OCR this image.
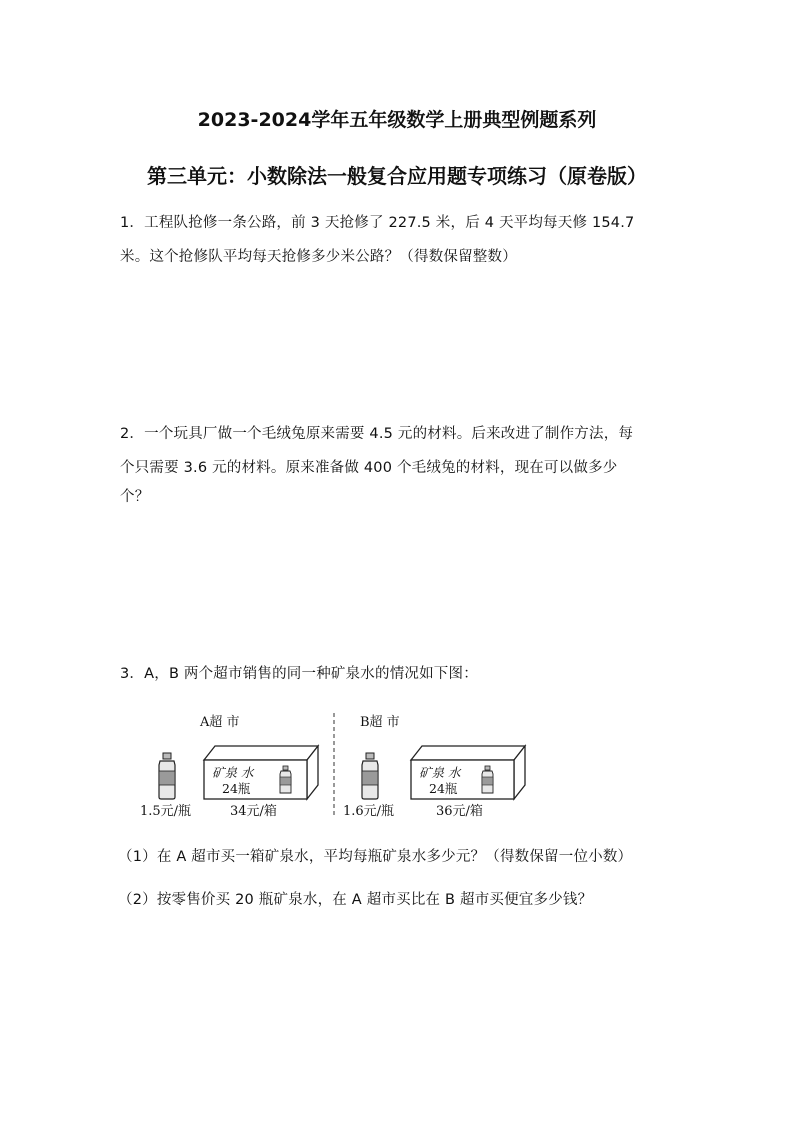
2023-2024学年五年级数学上册典型例题系列
第三单元：小数除法一般复合应用题专项练习（原卷版）
1．工程队抢修一条公路，前 3 天抢修了 227.5 米，后 4 天平均每天修 154.7
米。这个抢修队平均每天抢修多少米公路？（得数保留整数）
2．一个玩具厂做一个毛绒兔原来需要 4.5 元的材料。后来改进了制作方法，每
个只需要 3.6 元的材料。原来准备做 400 个毛绒兔的材料，现在可以做多少
个？
3．A，B 两个超市销售的同一种矿泉水的情况如下图：
A超 市
矿泉 水
24瓶
1.5元/瓶	34元/箱
B超 市
矿泉 水
24瓶
1.6元/瓶	36元/箱
（1）在 A 超市买一箱矿泉水，平均每瓶矿泉水多少元？（得数保留一位小数）
（2）按零售价买 20 瓶矿泉水，在 A 超市买比在 B 超市买便宜多少钱？
